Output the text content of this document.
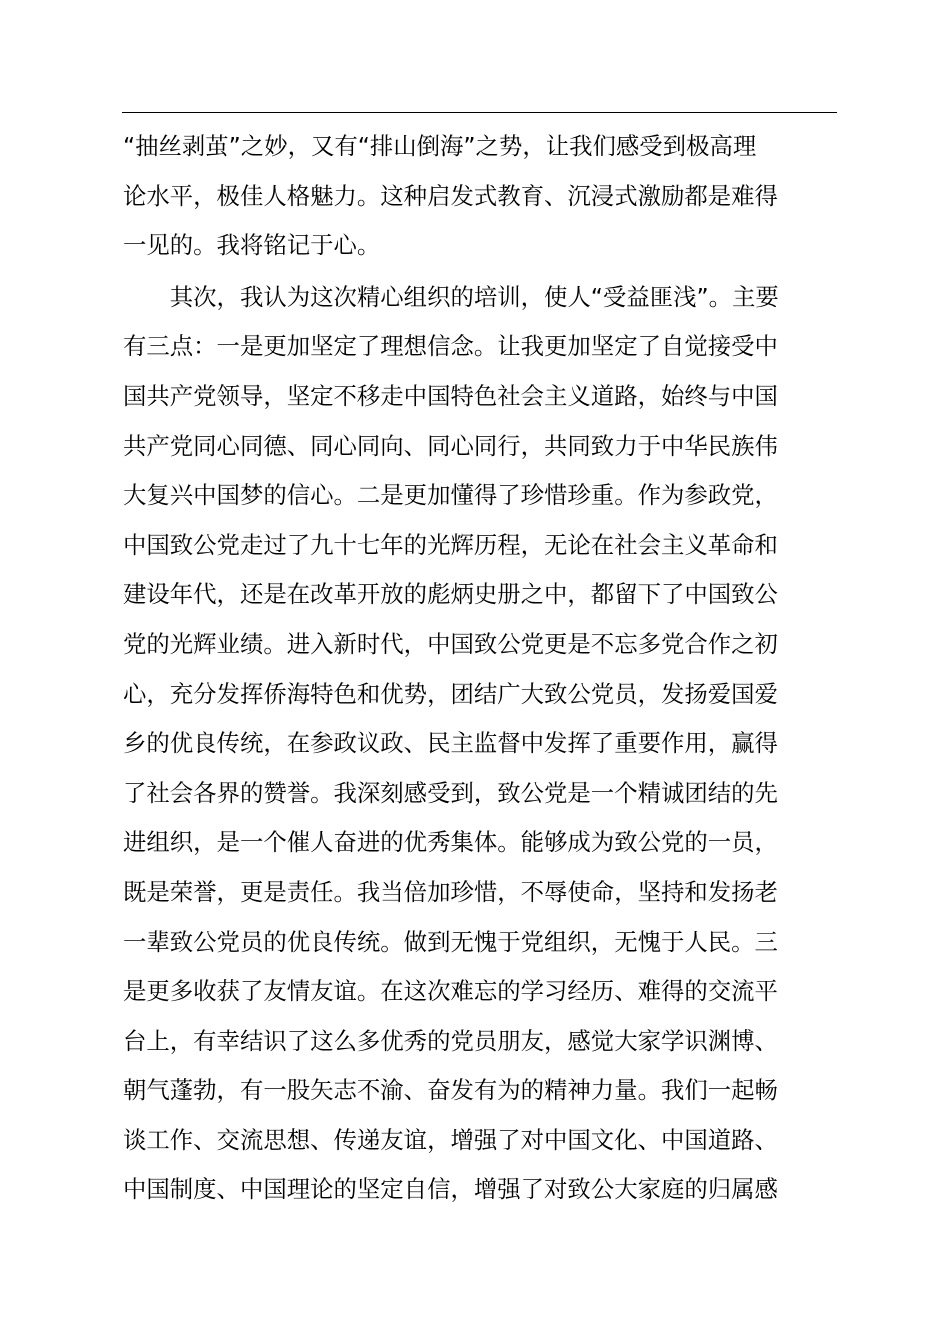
“抽丝剥茧”之妙，又有“排山倒海”之势，让我们感受到极高理
论水平，极佳人格魅力。这种启发式教育、沉浸式激励都是难得
一见的。我将铭记于心。
　　其次，我认为这次精心组织的培训，使人“受益匪浅”。主要
有三点：一是更加坚定了理想信念。让我更加坚定了自觉接受中
国共产党领导，坚定不移走中国特色社会主义道路，始终与中国
共产党同心同德、同心同向、同心同行，共同致力于中华民族伟
大复兴中国梦的信心。二是更加懂得了珍惜珍重。作为参政党，
中国致公党走过了九十七年的光辉历程，无论在社会主义革命和
建设年代，还是在改革开放的彪炳史册之中，都留下了中国致公
党的光辉业绩。进入新时代，中国致公党更是不忘多党合作之初
心，充分发挥侨海特色和优势，团结广大致公党员，发扬爱国爱
乡的优良传统，在参政议政、民主监督中发挥了重要作用，赢得
了社会各界的赞誉。我深刻感受到，致公党是一个精诚团结的先
进组织，是一个催人奋进的优秀集体。能够成为致公党的一员，
既是荣誉，更是责任。我当倍加珍惜，不辱使命，坚持和发扬老
一辈致公党员的优良传统。做到无愧于党组织，无愧于人民。三
是更多收获了友情友谊。在这次难忘的学习经历、难得的交流平
台上，有幸结识了这么多优秀的党员朋友，感觉大家学识渊博、
朝气蓬勃，有一股矢志不渝、奋发有为的精神力量。我们一起畅
谈工作、交流思想、传递友谊，增强了对中国文化、中国道路、
中国制度、中国理论的坚定自信，增强了对致公大家庭的归属感
